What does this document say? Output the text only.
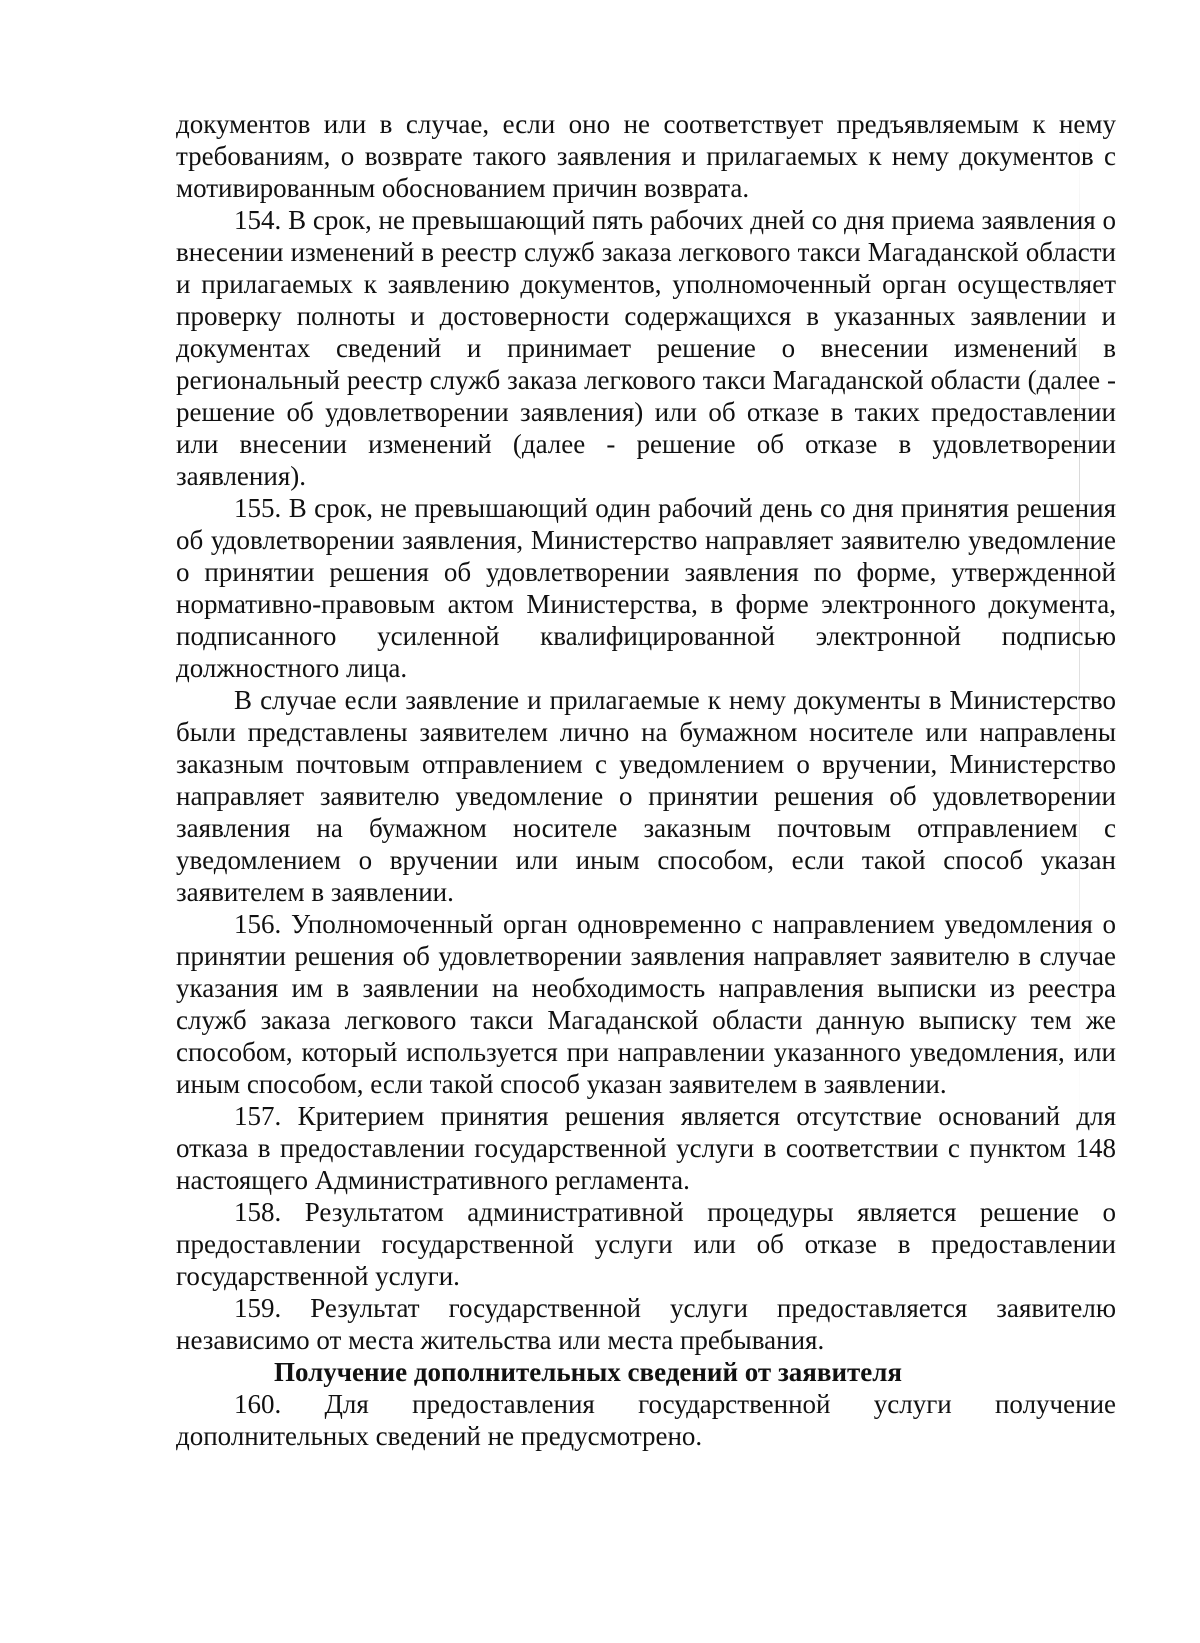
документов или в случае, если оно не соответствует предъявляемым к нему требованиям, о возврате такого заявления и прилагаемых к нему документов с мотивированным обоснованием причин возврата.

154. В срок, не превышающий пять рабочих дней со дня приема заявления о внесении изменений в реестр служб заказа легкового такси Магаданской области и прилагаемых к заявлению документов, уполномоченный орган осуществляет проверку полноты и достоверности содержащихся в указанных заявлении и документах сведений и принимает решение о внесении изменений в региональный реестр служб заказа легкового такси Магаданской области (далее - решение об удовлетворении заявления) или об отказе в таких предоставлении или внесении изменений (далее - решение об отказе в удовлетворении заявления).

155. В срок, не превышающий один рабочий день со дня принятия решения об удовлетворении заявления, Министерство направляет заявителю уведомление о принятии решения об удовлетворении заявления по форме, утвержденной нормативно-правовым актом Министерства, в форме электронного документа, подписанного усиленной квалифицированной электронной подписью должностного лица.

В случае если заявление и прилагаемые к нему документы в Министерство были представлены заявителем лично на бумажном носителе или направлены заказным почтовым отправлением с уведомлением о вручении, Министерство направляет заявителю уведомление о принятии решения об удовлетворении заявления на бумажном носителе заказным почтовым отправлением с уведомлением о вручении или иным способом, если такой способ указан заявителем в заявлении.

156. Уполномоченный орган одновременно с направлением уведомления о принятии решения об удовлетворении заявления направляет заявителю в случае указания им в заявлении на необходимость направления выписки из реестра служб заказа легкового такси Магаданской области данную выписку тем же способом, который используется при направлении указанного уведомления, или иным способом, если такой способ указан заявителем в заявлении.

157. Критерием принятия решения является отсутствие оснований для отказа в предоставлении государственной услуги в соответствии с пунктом 148 настоящего Административного регламента.

158. Результатом административной процедуры является решение о предоставлении государственной услуги или об отказе в предоставлении государственной услуги.

159. Результат государственной услуги предоставляется заявителю независимо от места жительства или места пребывания.

Получение дополнительных сведений от заявителя

160. Для предоставления государственной услуги получение дополнительных сведений не предусмотрено.
